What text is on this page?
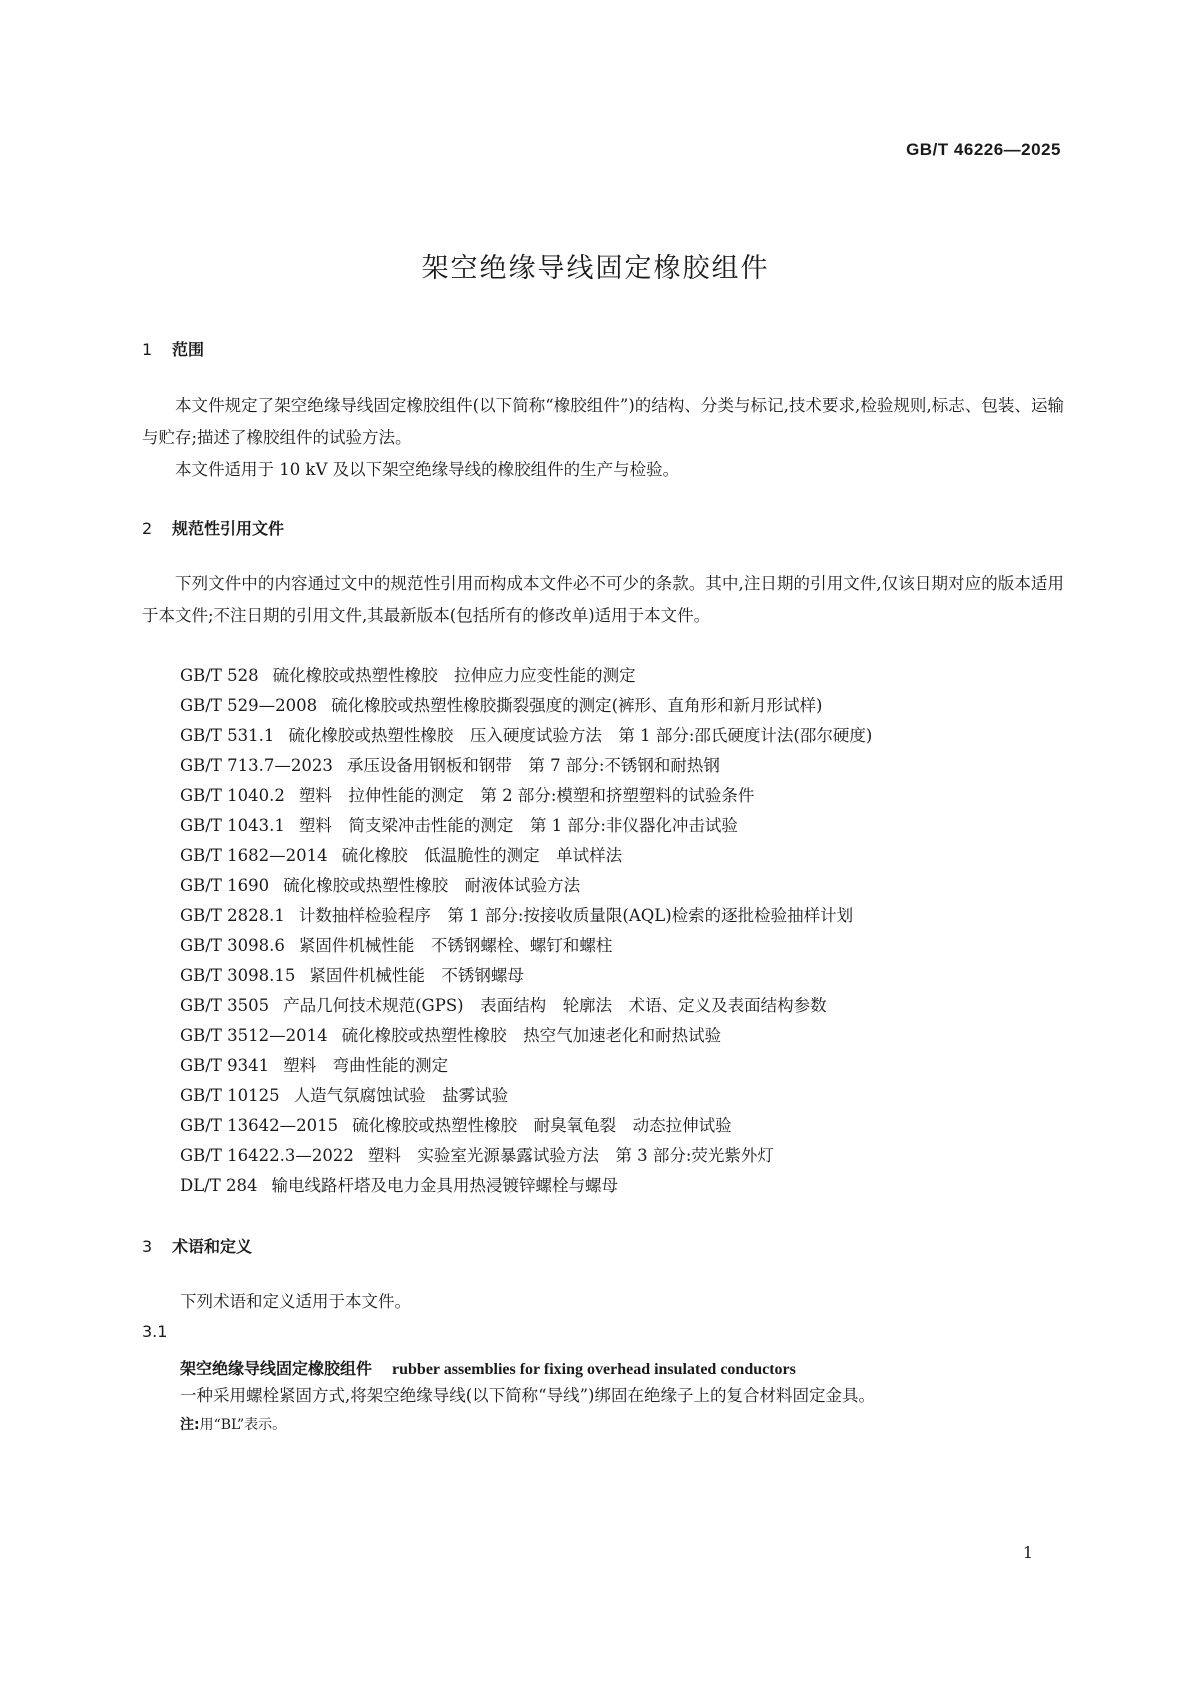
GB/T 46226—2025
架空绝缘导线固定橡胶组件
1 范围

本文件规定了架空绝缘导线固定橡胶组件(以下简称“橡胶组件”)的结构、分类与标记,技术要求,检验规则,标志、包装、运输与贮存;描述了橡胶组件的试验方法。

本文件适用于 10 kV 及以下架空绝缘导线的橡胶组件的生产与检验。

2 规范性引用文件

下列文件中的内容通过文中的规范性引用而构成本文件必不可少的条款。其中,注日期的引用文件,仅该日期对应的版本适用于本文件;不注日期的引用文件,其最新版本(包括所有的修改单)适用于本文件。

GB/T 528 硫化橡胶或热塑性橡胶　拉伸应力应变性能的测定
GB/T 529—2008 硫化橡胶或热塑性橡胶撕裂强度的测定(裤形、直角形和新月形试样)
GB/T 531.1 硫化橡胶或热塑性橡胶　压入硬度试验方法　第 1 部分:邵氏硬度计法(邵尔硬度)
GB/T 713.7—2023 承压设备用钢板和钢带　第 7 部分:不锈钢和耐热钢
GB/T 1040.2 塑料　拉伸性能的测定　第 2 部分:模塑和挤塑塑料的试验条件
GB/T 1043.1 塑料　简支梁冲击性能的测定　第 1 部分:非仪器化冲击试验
GB/T 1682—2014 硫化橡胶　低温脆性的测定　单试样法
GB/T 1690 硫化橡胶或热塑性橡胶　耐液体试验方法
GB/T 2828.1 计数抽样检验程序　第 1 部分:按接收质量限(AQL)检索的逐批检验抽样计划
GB/T 3098.6 紧固件机械性能　不锈钢螺栓、螺钉和螺柱
GB/T 3098.15 紧固件机械性能　不锈钢螺母
GB/T 3505 产品几何技术规范(GPS)　表面结构　轮廓法　术语、定义及表面结构参数
GB/T 3512—2014 硫化橡胶或热塑性橡胶　热空气加速老化和耐热试验
GB/T 9341 塑料　弯曲性能的测定
GB/T 10125 人造气氛腐蚀试验　盐雾试验
GB/T 13642—2015 硫化橡胶或热塑性橡胶　耐臭氧龟裂　动态拉伸试验
GB/T 16422.3—2022 塑料　实验室光源暴露试验方法　第 3 部分:荧光紫外灯
DL/T 284 输电线路杆塔及电力金具用热浸镀锌螺栓与螺母
3 术语和定义
下列术语和定义适用于本文件。
3.1
架空绝缘导线固定橡胶组件 rubber assemblies for fixing overhead insulated conductors
一种采用螺栓紧固方式,将架空绝缘导线(以下简称“导线”)绑固在绝缘子上的复合材料固定金具。
注:用“BL”表示。
1
